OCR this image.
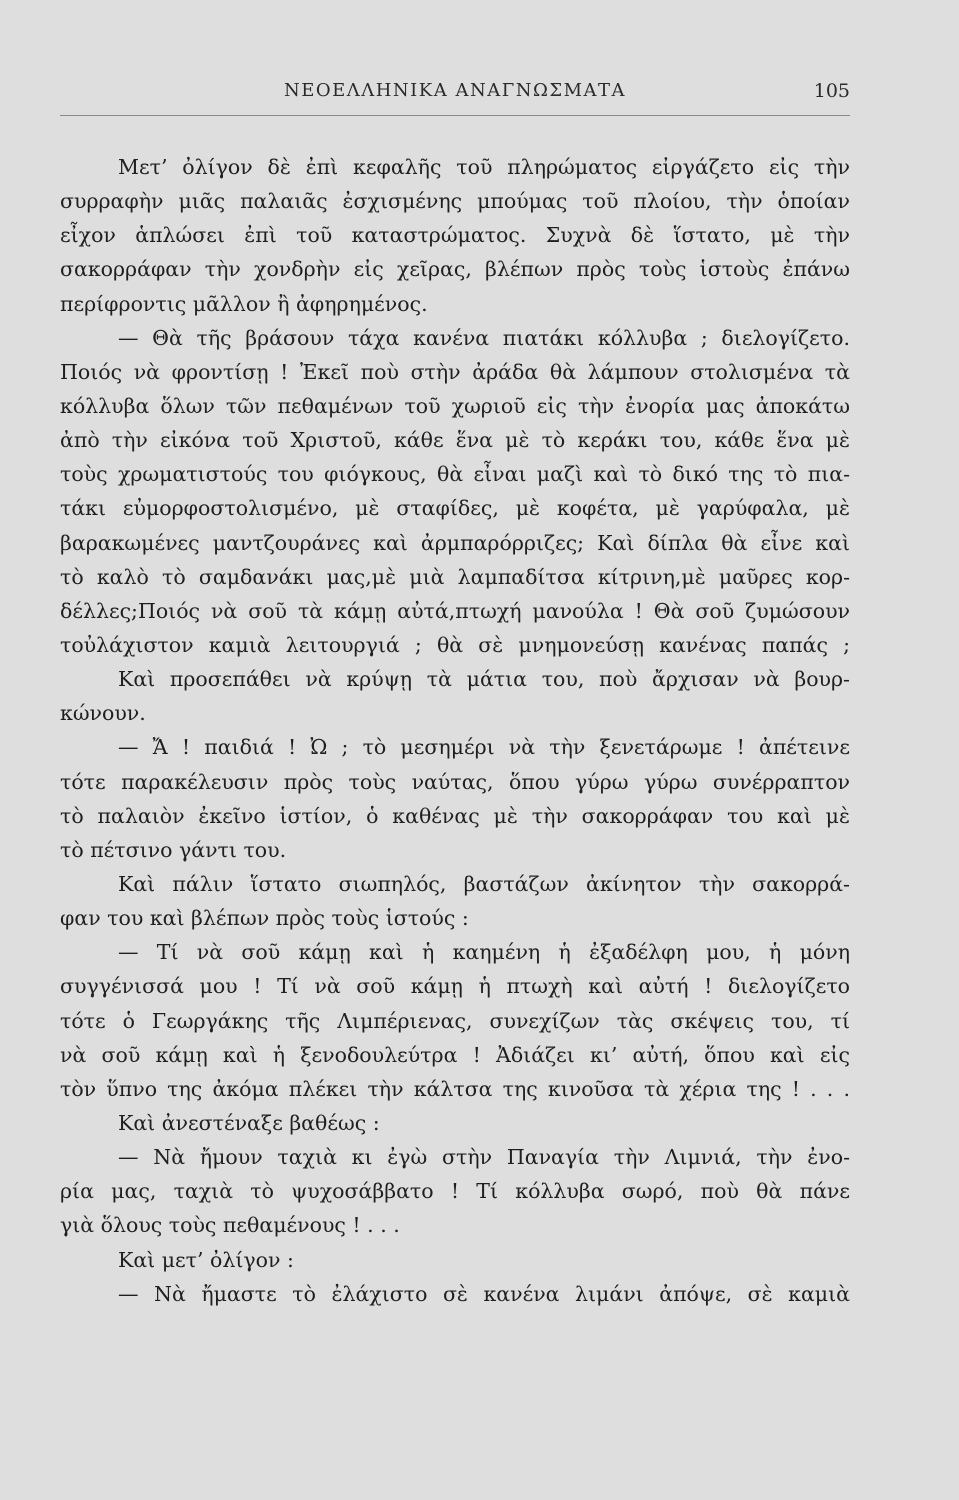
ΝΕΟΕΛΛΗΝΙΚΑ ΑΝΑΓΝΩΣΜΑΤΑ	105
Μετ’ ὀλίγον δὲ ἐπὶ κεφαλῆς τοῦ πληρώματος εἰργάζετο εἰς τὴν
συρραφὴν μιᾶς παλαιᾶς ἐσχισμένης μπούμας τοῦ πλοίου, τὴν ὁποίαν
εἶχον ἁπλώσει ἐπὶ τοῦ καταστρώματος. Συχνὰ δὲ ἵστατο, μὲ τὴν
σακορράφαν τὴν χονδρὴν εἰς χεῖρας, βλέπων πρὸς τοὺς ἱστοὺς ἐπάνω
περίφροντις μᾶλλον ἢ ἀφηρημένος.
— Θὰ τῆς βράσουν τάχα κανένα πιατάκι κόλλυβα ; διελογίζετο.
Ποιός νὰ φροντίσῃ ! Ἐκεῖ ποὺ στὴν ἀράδα θὰ λάμπουν στολισμένα τὰ
κόλλυβα ὅλων τῶν πεθαμένων τοῦ χωριοῦ εἰς τὴν ἐνορία μας ἀποκάτω
ἀπὸ τὴν εἰκόνα τοῦ Χριστοῦ, κάθε ἕνα μὲ τὸ κεράκι του, κάθε ἕνα μὲ
τοὺς χρωματιστούς του φιόγκους, θὰ εἶναι μαζὶ καὶ τὸ δικό της τὸ πια-
τάκι εὐμορφοστολισμένο, μὲ σταφίδες, μὲ κοφέτα, μὲ γαρύφαλα, μὲ
βαρακωμένες μαντζουράνες καὶ ἀρμπαρόρριζες; Καὶ δίπλα θὰ εἶνε καὶ
τὸ καλὸ τὸ σαμδανάκι μας,μὲ μιὰ λαμπαδίτσα κίτρινη,μὲ μαῦρες κορ-
δέλλες;Ποιός νὰ σοῦ τὰ κάμῃ αὐτά,πτωχή μανούλα ! Θὰ σοῦ ζυμώσουν
τοὐλάχιστον καμιὰ λειτουργιά ; θὰ σὲ μνημονεύσῃ κανένας παπάς ;
Καὶ προσεπάθει νὰ κρύψῃ τὰ μάτια του, ποὺ ἄρχισαν νὰ βουρ-
κώνουν.
— Ἄ ! παιδιά ! Ὠ ; τὸ μεσημέρι νὰ τὴν ξενετάρωμε ! ἀπέτεινε
τότε παρακέλευσιν πρὸς τοὺς ναύτας, ὅπου γύρω γύρω συνέρραπτον
τὸ παλαιὸν ἐκεῖνο ἱστίον, ὁ καθένας μὲ τὴν σακορράφαν του καὶ μὲ
τὸ πέτσινο γάντι του.
Καὶ πάλιν ἵστατο σιωπηλός, βαστάζων ἀκίνητον τὴν σακορρά-
φαν του καὶ βλέπων πρὸς τοὺς ἱστούς :
— Τί νὰ σοῦ κάμῃ καὶ ἡ καημένη ἡ ἐξαδέλφη μου, ἡ μόνη
συγγένισσά μου ! Τί νὰ σοῦ κάμῃ ἡ πτωχὴ καὶ αὐτή ! διελογίζετο
τότε ὁ Γεωργάκης τῆς Λιμπέριενας, συνεχίζων τὰς σκέψεις του, τί
νὰ σοῦ κάμῃ καὶ ἡ ξενοδουλεύτρα ! Ἀδιάζει κι’ αὐτή, ὅπου καὶ εἰς
τὸν ὕπνο της ἀκόμα πλέκει τὴν κάλτσα της κινοῦσα τὰ χέρια της ! . . .
Καὶ ἀνεστέναξε βαθέως :
— Νὰ ἤμουν ταχιὰ κι ἐγὼ στὴν Παναγία τὴν Λιμνιά, τὴν ἐνο-
ρία μας, ταχιὰ τὸ ψυχοσάββατο ! Τί κόλλυβα σωρό, ποὺ θὰ πάνε
γιὰ ὅλους τοὺς πεθαμένους ! . . .
Καὶ μετ’ ὀλίγον :
— Νὰ ἤμαστε τὸ ἐλάχιστο σὲ κανένα λιμάνι ἀπόψε, σὲ καμιὰ
